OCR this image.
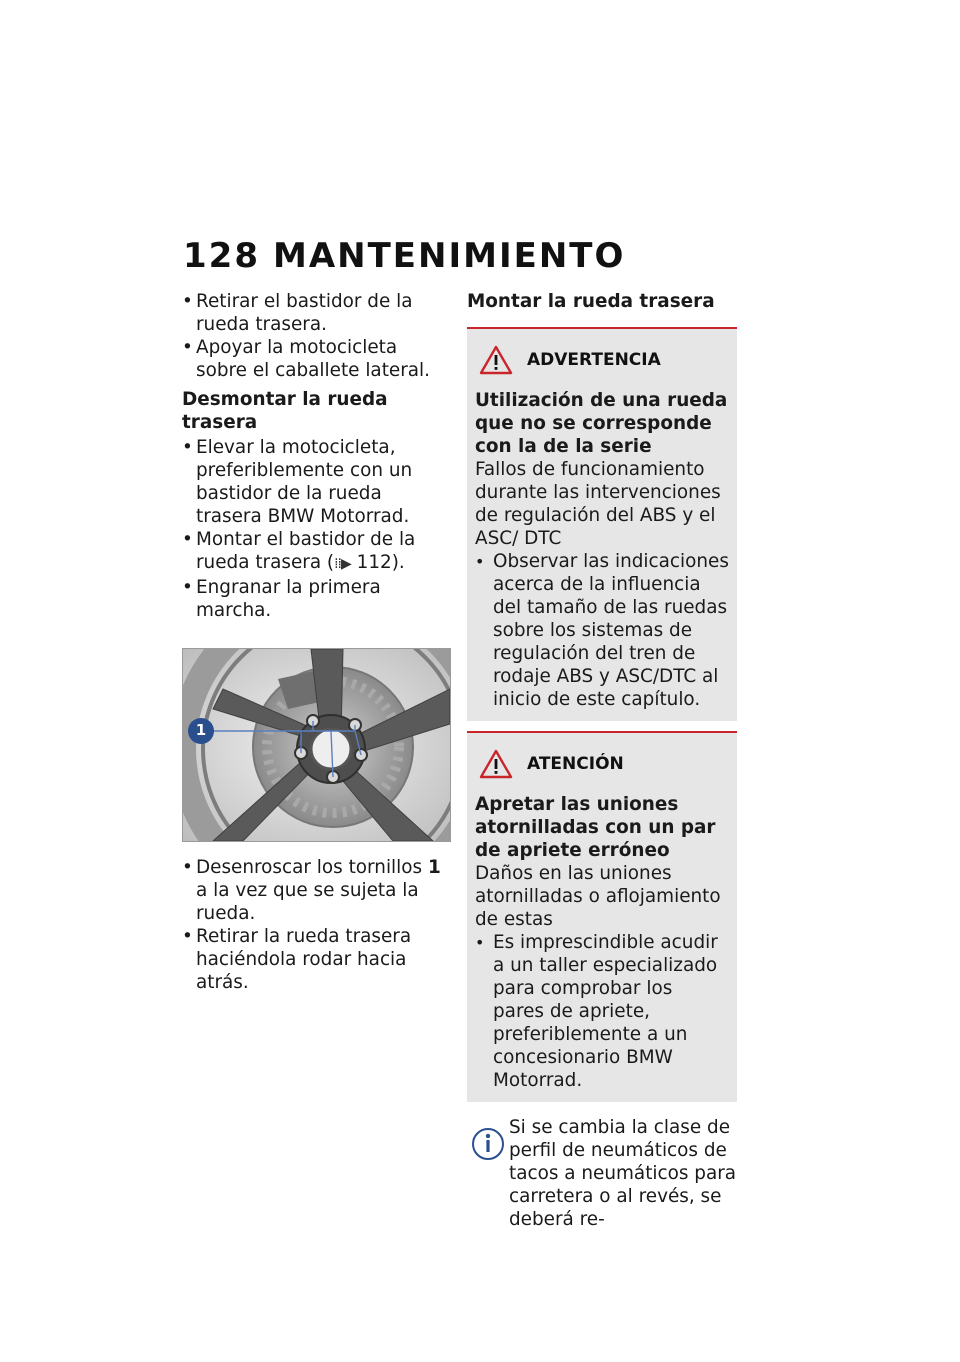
128 MANTENIMIENTO
• Retirar el bastidor de la rueda trasera.
• Apoyar la motocicleta sobre el caballete lateral.
Desmontar la rueda trasera
• Elevar la motocicleta, preferiblemente con un bastidor de la rueda trasera BMW Motorrad.
• Montar el bastidor de la rueda trasera (⁞⁞▶ 112).
• Engranar la primera marcha.
1
• Desenroscar los tornillos 1 a la vez que se sujeta la rueda.
• Retirar la rueda trasera haciéndola rodar hacia atrás.
Montar la rueda trasera
ADVERTENCIA

Utilización de una rueda que no se corresponde con la de la serie

Fallos de funcionamiento durante las intervenciones de regulación del ABS y el ASC/ DTC

• Observar las indicaciones acerca de la influencia del tamaño de las ruedas sobre los sistemas de regulación del tren de rodaje ABS y ASC/DTC al inicio de este capítulo.

ATENCIÓN

Apretar las uniones atornilladas con un par de apriete erróneo

Daños en las uniones atornilladas o aflojamiento de estas

• Es imprescindible acudir a un taller especializado para comprobar los pares de apriete, preferiblemente a un concesionario BMW Motorrad.

Si se cambia la clase de perfil de neumáticos de tacos a neumáticos para carretera o al revés, se deberá re-
